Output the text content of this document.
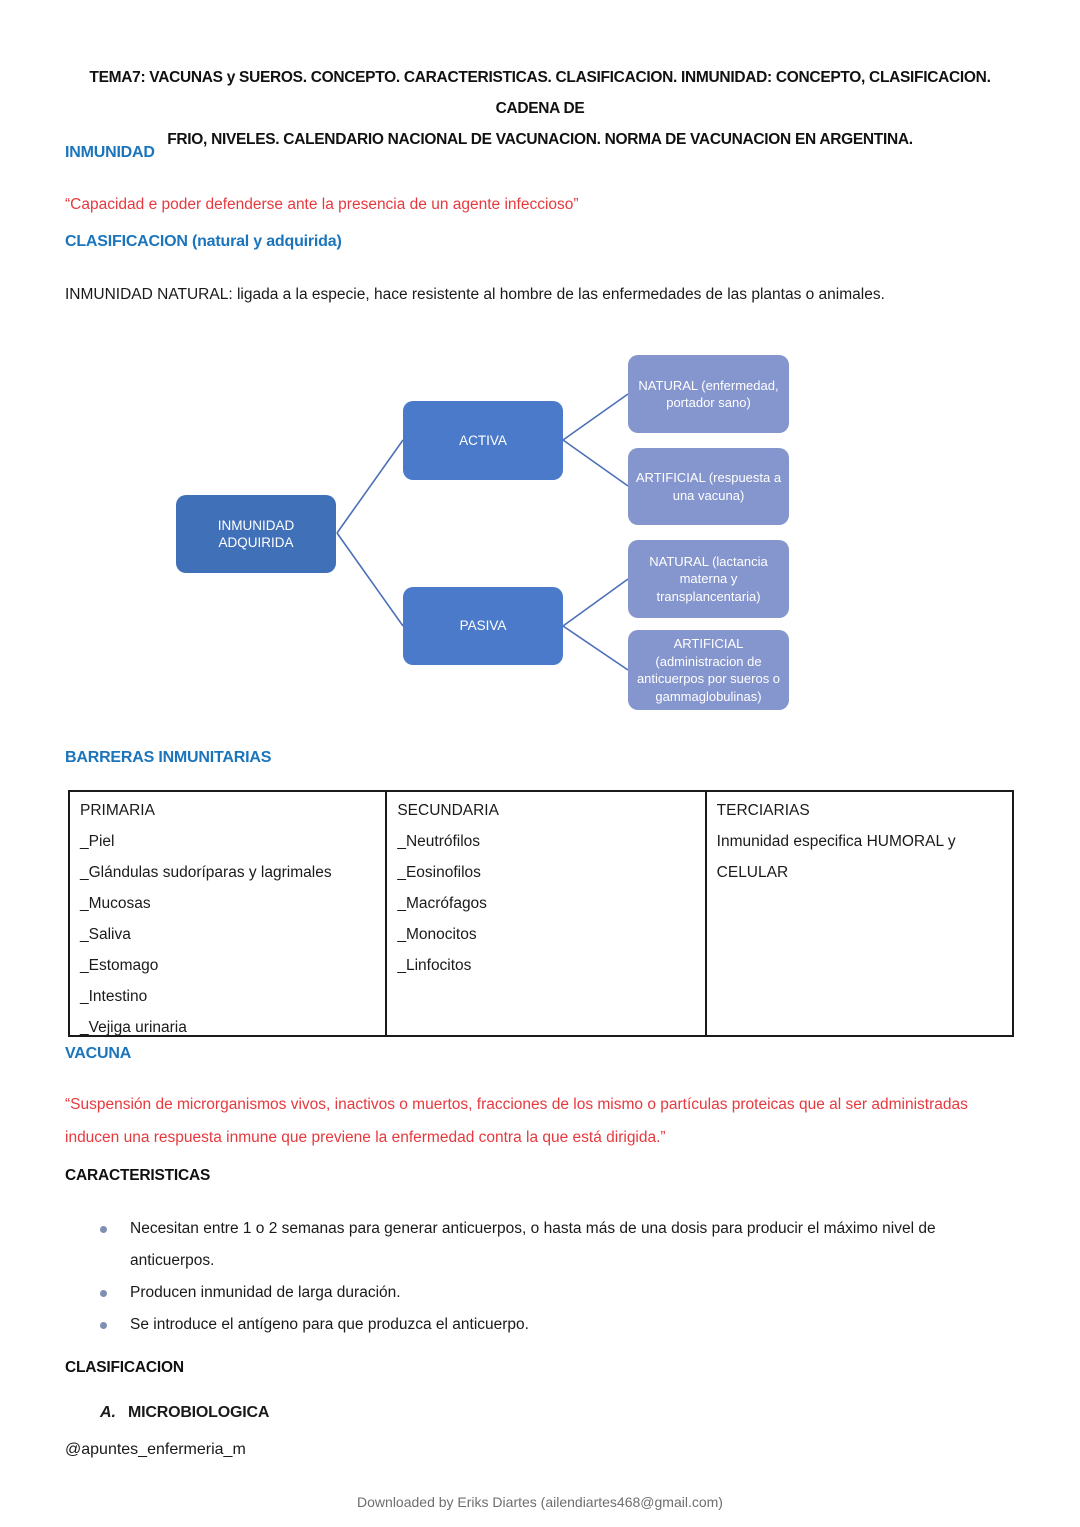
TEMA7: VACUNAS y SUEROS. CONCEPTO. CARACTERISTICAS. CLASIFICACION. INMUNIDAD: CONCEPTO, CLASIFICACION. CADENA DE
FRIO, NIVELES. CALENDARIO NACIONAL DE VACUNACION. NORMA DE VACUNACION EN ARGENTINA.
INMUNIDAD
“Capacidad e poder defenderse ante la presencia de un agente infeccioso”
CLASIFICACION (natural y adquirida)
INMUNIDAD NATURAL: ligada a la especie, hace resistente al hombre de las enfermedades de las plantas o animales.
INMUNIDAD ADQUIRIDA
ACTIVA
PASIVA
NATURAL (enfermedad, portador sano)
ARTIFICIAL (respuesta a una vacuna)
NATURAL (lactancia materna y transplancentaria)
ARTIFICIAL (administracion de anticuerpos por sueros o gammaglobulinas)
BARRERAS INMUNITARIAS
PRIMARIA
_Piel
_Glándulas sudoríparas y lagrimales
_Mucosas
_Saliva
_Estomago
_Intestino
_Vejiga urinaria
SECUNDARIA
_Neutrófilos
_Eosinofilos
_Macrófagos
_Monocitos
_Linfocitos
TERCIARIAS
Inmunidad especifica HUMORAL y CELULAR
VACUNA
“Suspensión de microrganismos vivos, inactivos o muertos, fracciones de los mismo o partículas proteicas que al ser administradas inducen una respuesta inmune que previene la enfermedad contra la que está dirigida.”
CARACTERISTICAS
Necesitan entre 1 o 2 semanas para generar anticuerpos, o hasta más de una dosis para producir el máximo nivel de anticuerpos.
Producen inmunidad de larga duración.
Se introduce el antígeno para que produzca el anticuerpo.
CLASIFICACION
A. MICROBIOLOGICA
@apuntes_enfermeria_m
Downloaded by Eriks Diartes (ailendiartes468@gmail.com)
